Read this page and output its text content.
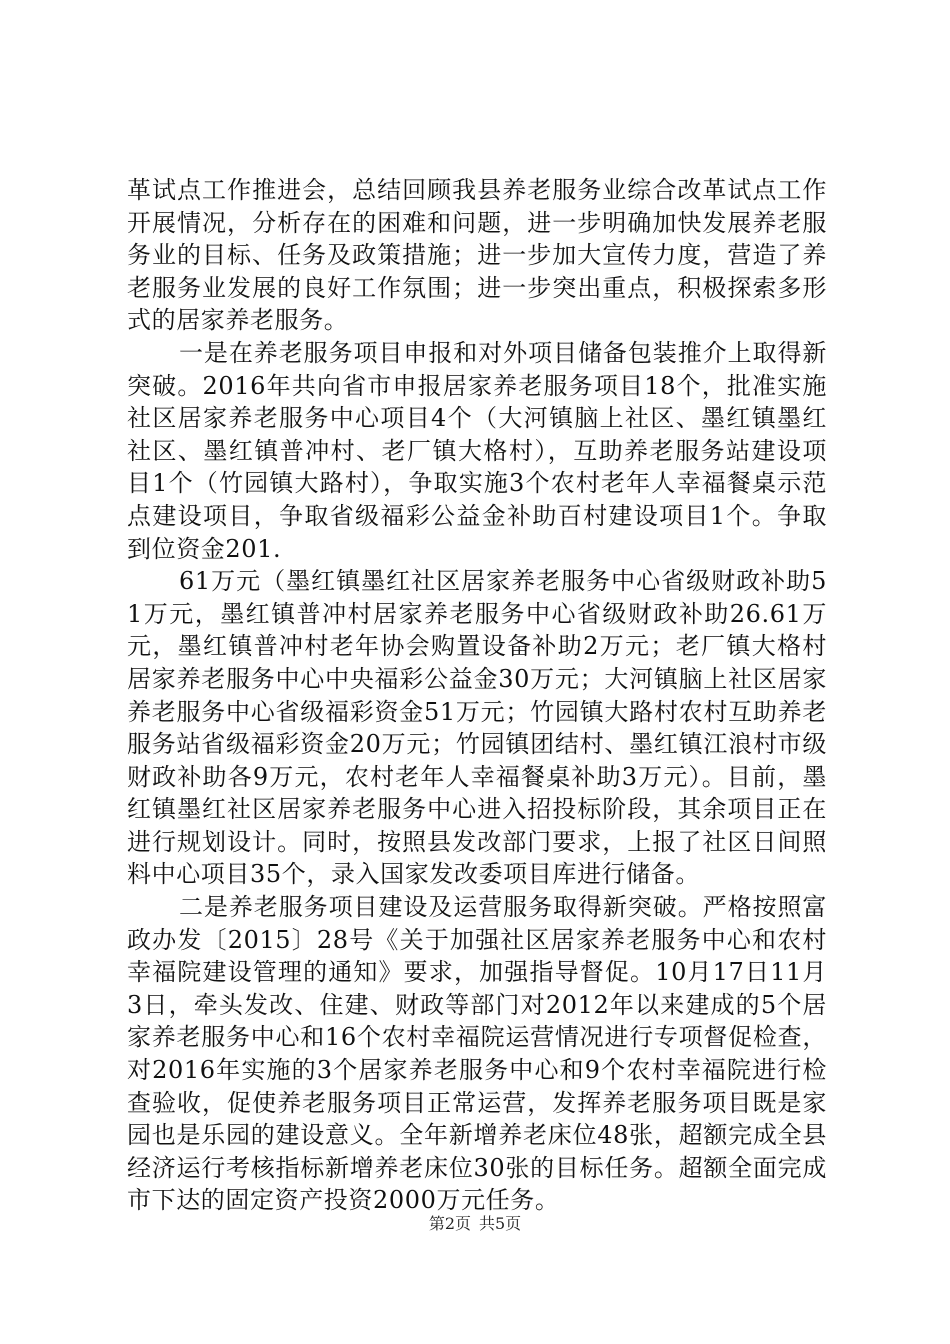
革试点工作推进会，总结回顾我县养老服务业综合改革试点工作开展情况，分析存在的困难和问题，进一步明确加快发展养老服务业的目标、任务及政策措施；进一步加大宣传力度，营造了养老服务业发展的良好工作氛围；进一步突出重点，积极探索多形式的居家养老服务。

一是在养老服务项目申报和对外项目储备包装推介上取得新突破。2016年共向省市申报居家养老服务项目18个，批准实施社区居家养老服务中心项目4个（大河镇脑上社区、墨红镇墨红社区、墨红镇普冲村、老厂镇大格村），互助养老服务站建设项目1个（竹园镇大路村），争取实施3个农村老年人幸福餐桌示范点建设项目，争取省级福彩公益金补助百村建设项目1个。争取到位资金201.

61万元（墨红镇墨红社区居家养老服务中心省级财政补助51万元，墨红镇普冲村居家养老服务中心省级财政补助26.61万元，墨红镇普冲村老年协会购置设备补助2万元；老厂镇大格村居家养老服务中心中央福彩公益金30万元；大河镇脑上社区居家养老服务中心省级福彩资金51万元；竹园镇大路村农村互助养老服务站省级福彩资金20万元；竹园镇团结村、墨红镇江浪村市级财政补助各9万元，农村老年人幸福餐桌补助3万元）。目前，墨红镇墨红社区居家养老服务中心进入招投标阶段，其余项目正在进行规划设计。同时，按照县发改部门要求，上报了社区日间照料中心项目35个，录入国家发改委项目库进行储备。

二是养老服务项目建设及运营服务取得新突破。严格按照富政办发〔2015〕28号《关于加强社区居家养老服务中心和农村幸福院建设管理的通知》要求，加强指导督促。10月17日11月3日，牵头发改、住建、财政等部门对2012年以来建成的5个居家养老服务中心和16个农村幸福院运营情况进行专项督促检查，对2016年实施的3个居家养老服务中心和9个农村幸福院进行检查验收，促使养老服务项目正常运营，发挥养老服务项目既是家园也是乐园的建设意义。全年新增养老床位48张，超额完成全县经济运行考核指标新增养老床位30张的目标任务。超额全面完成市下达的固定资产投资2000万元任务。

第2页 共5页
